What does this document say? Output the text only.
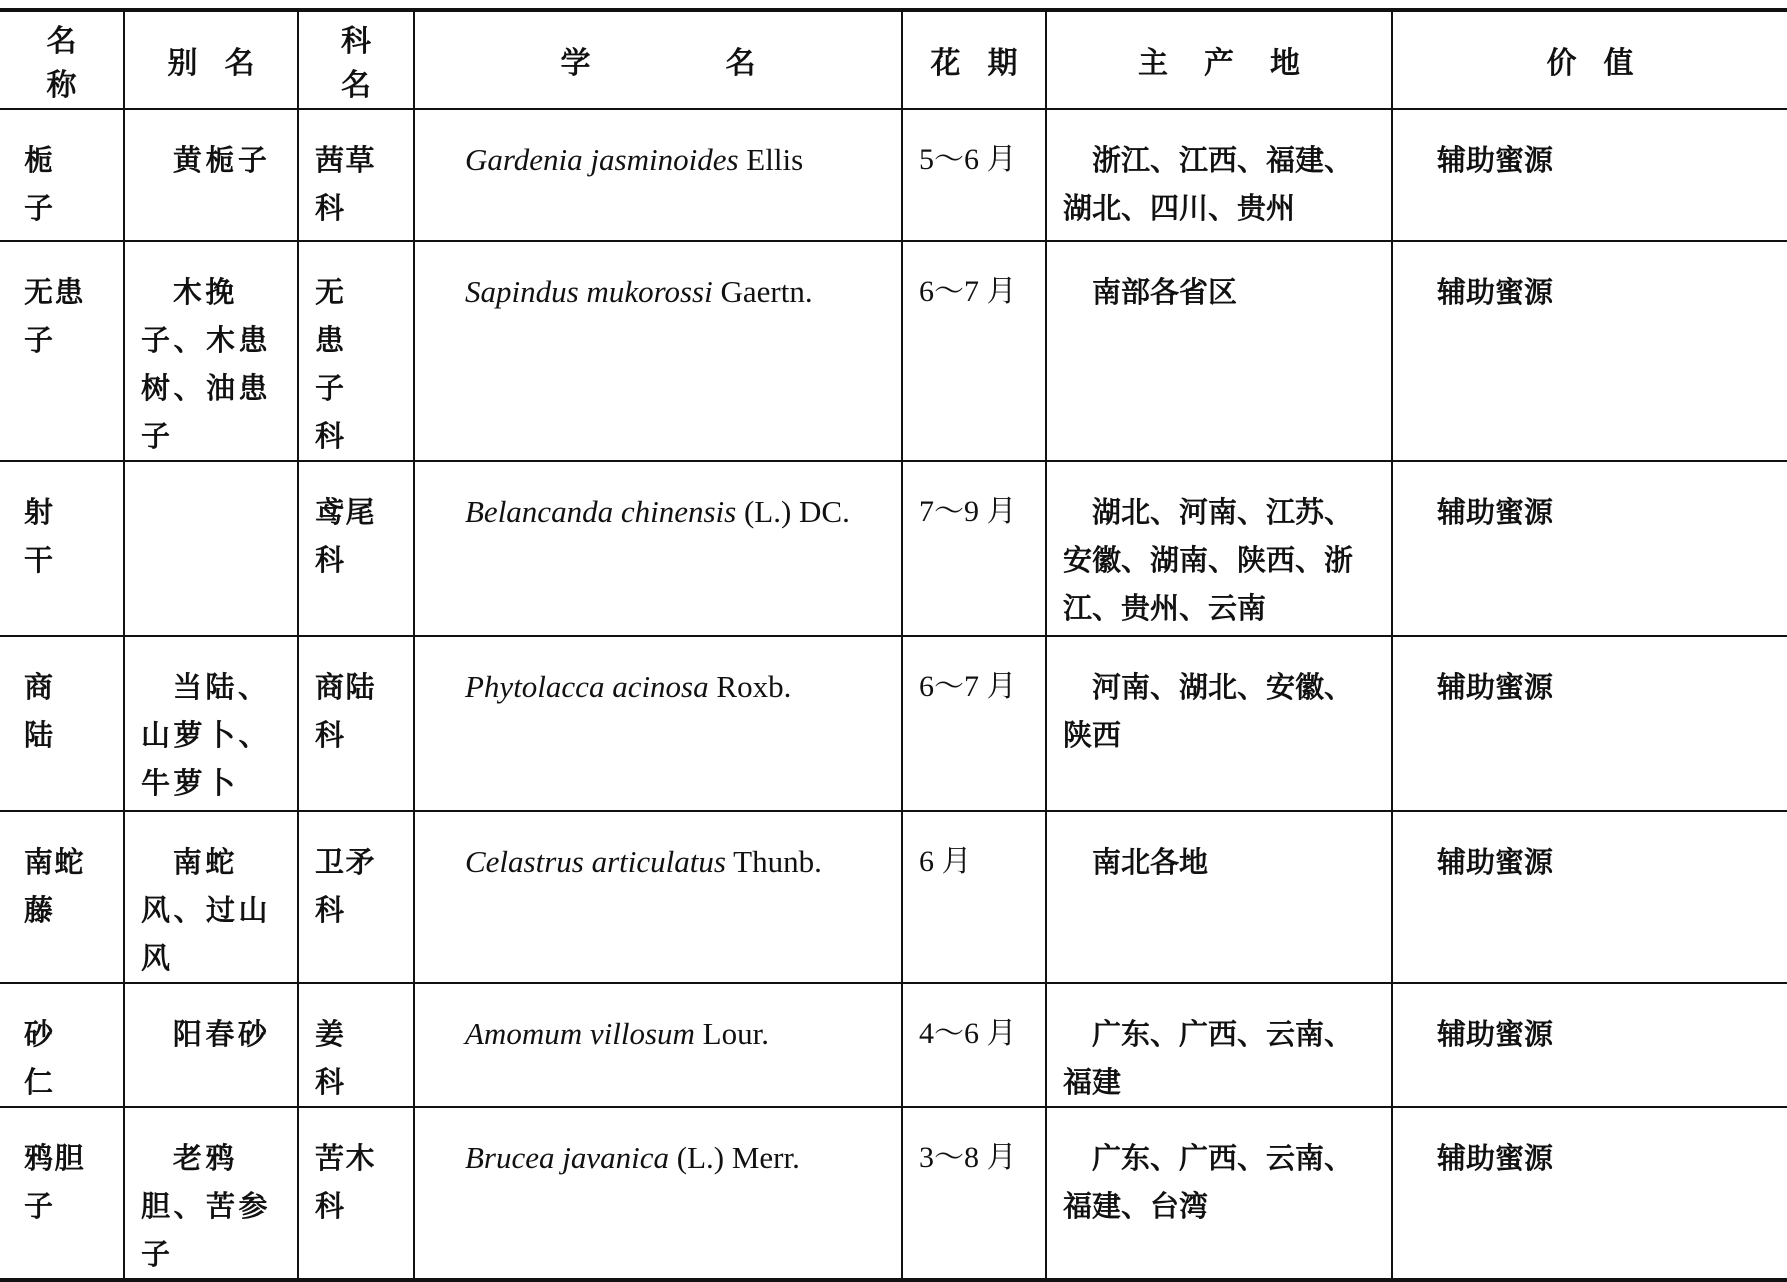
名称	别名	科名	学名	花期	主产地	价值

栀 子	黄栀子	茜草科	Gardenia jasminoides Ellis	5～6 月	浙江、江西、福建、湖北、四川、贵州	辅助蜜源

无患子	木挽子、木患树、油患子	无患子科	Sapindus mukorossi Gaertn.	6～7 月	南部各省区	辅助蜜源

射 干		鸢尾科	Belancanda chinensis (L.) DC.	7～9 月	湖北、河南、江苏、安徽、湖南、陕西、浙江、贵州、云南	辅助蜜源

商 陆	当陆、山萝卜、牛萝卜	商陆科	Phytolacca acinosa Roxb.	6～7 月	河南、湖北、安徽、陕西	辅助蜜源

南蛇藤	南蛇风、过山风	卫矛科	Celastrus articulatus Thunb.	6 月	南北各地	辅助蜜源

砂 仁	阳春砂	姜 科	Amomum villosum Lour.	4～6 月	广东、广西、云南、福建	辅助蜜源

鸦胆子	老鸦胆、苦参子	苦木科	Brucea javanica (L.) Merr.	3～8 月	广东、广西、云南、福建、台湾	辅助蜜源
